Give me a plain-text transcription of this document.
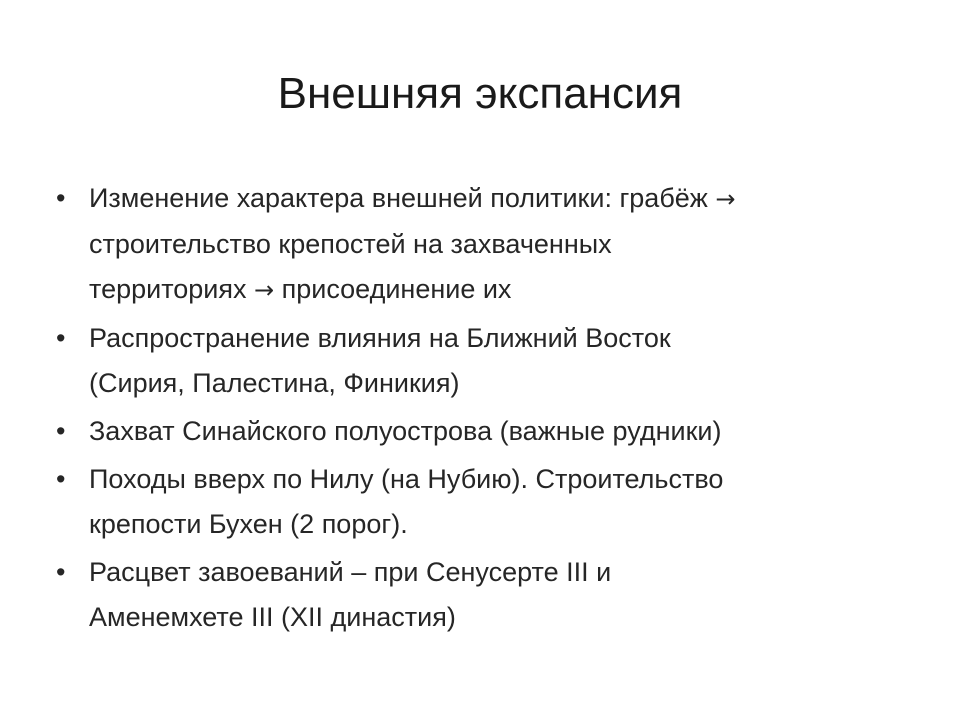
Внешняя экспансия
• Изменение характера внешней политики: грабёж →
строительство крепостей на захваченных
территориях → присоединение их
• Распространение влияния на Ближний Восток
(Сирия, Палестина, Финикия)
• Захват Синайского полуострова (важные рудники)
• Походы вверх по Нилу (на Нубию). Строительство
крепости Бухен (2 порог).
• Расцвет завоеваний – при Сенусерте III и
Аменемхете III (XII династия)
